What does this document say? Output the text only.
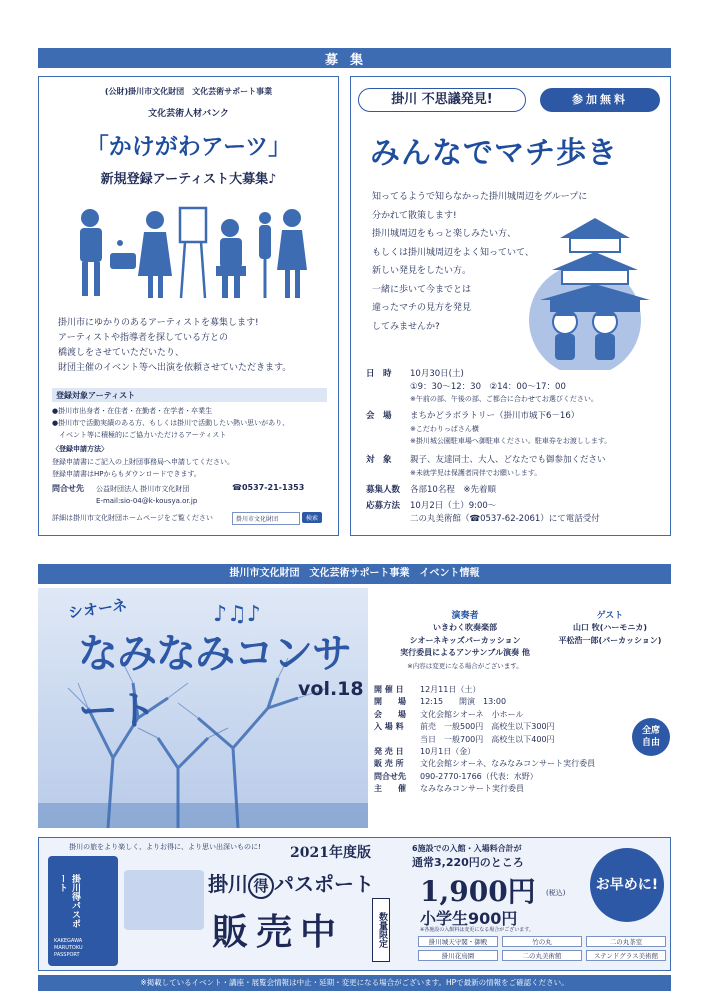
募集
(公財)掛川市文化財団　文化芸術サポート事業
文化芸術人材バンク
「かけがわアーツ」
新規登録アーティスト大募集♪
掛川市にゆかりのあるアーティストを募集します!
アーティストや指導者を探している方との
橋渡しをさせていただいたり、
財団主催のイベント等へ出演を依頼させていただきます。
登録対象アーティスト
●掛川市出身者・在住者・在勤者・在学者・卒業生
●掛川市で活動実績のある方、もしくは掛川で活動したい熱い思いがあり、
　イベント等に積極的にご協力いただけるアーティスト
〈登録申請方法〉
登録申請書にご記入の上財団事務局へ申請してください。
登録申請書はHPからもダウンロードできます。
問合せ先 公益財団法人 掛川市文化財団	☎0537-21-1353
E-mail:sio-04@k-kousya.or.jp
詳細は掛川市文化財団ホームページをご覧ください	掛川市文化財団	検索
掛川 不思議発見!	参加無料
みんなでマチ歩き
知ってるようで知らなかった掛川城周辺をグループに
分かれて散策します!
掛川城周辺をもっと楽しみたい方、
もしくは掛川城周辺をよく知っていて、
新しい発見をしたい方。
一緒に歩いて今までとは
違ったマチの見方を発見
してみませんか?
日　時 10月30日(土)
①9：30～12：30　②14：00～17：00
※午前の部、午後の部、ご都合に合わせてお選びください。
会　場 まちかどラボラトリー（掛川市城下6－16）
※こだわりっぱさん横
※掛川城公園駐車場へ御駐車ください。駐車券をお渡しします。
対　象 親子、友達同士、大人、どなたでも御参加ください
※未就学児は保護者同伴でお願いします。
募集人数 各部10名程　※先着順
応募方法 10月2日（土）9:00～
二の丸美術館（☎0537-62-2061）にて電話受付
掛川市文化財団　文化芸術サポート事業　イベント情報
シオーネ
なみなみコンサート
♪♫♪
vol.18
演奏者
いきわく吹奏楽部
シオーネキッズパーカッション
実行委員によるアンサンブル演奏 他
※内容は変更になる場合がございます。
ゲスト
山口 牧(ハーモニカ)
平松浩一郎(パーカッション)
開 催 日 12月11日（土）
開　　場 12:15　　開演　13:00
会　　場 文化会館シオーネ　小ホール
入 場 料 前売　一般500円　高校生以下300円
当日　一般700円　高校生以下400円
発 売 日 10月1日（金）
販 売 所 文化会館シオーネ、なみなみコンサート実行委員
問合せ先 090-2770-1766（代表：水野）
主　　催 なみなみコンサート実行委員
全席
自由
掛川の旅をより楽しく、よりお得に、より思い出深いものに!
掛川得パスポート
KAKEGAWA
MARUTOKU
PASSPORT
2021年度版
掛川 得 パスポート
販売中	数量限定
6施設での入館・入場料合計が
通常3,220円のところ
1,900円 (税込)
小学生900円
※各施設の入館料は変更になる場合がございます。
お早めに!
掛川城天守閣・御殿	竹の丸	二の丸茶室
掛川花鳥園	二の丸美術館	ステンドグラス美術館
※掲載しているイベント・講座・展覧会情報は中止・延期・変更になる場合がございます。HPで最新の情報をご確認ください。
